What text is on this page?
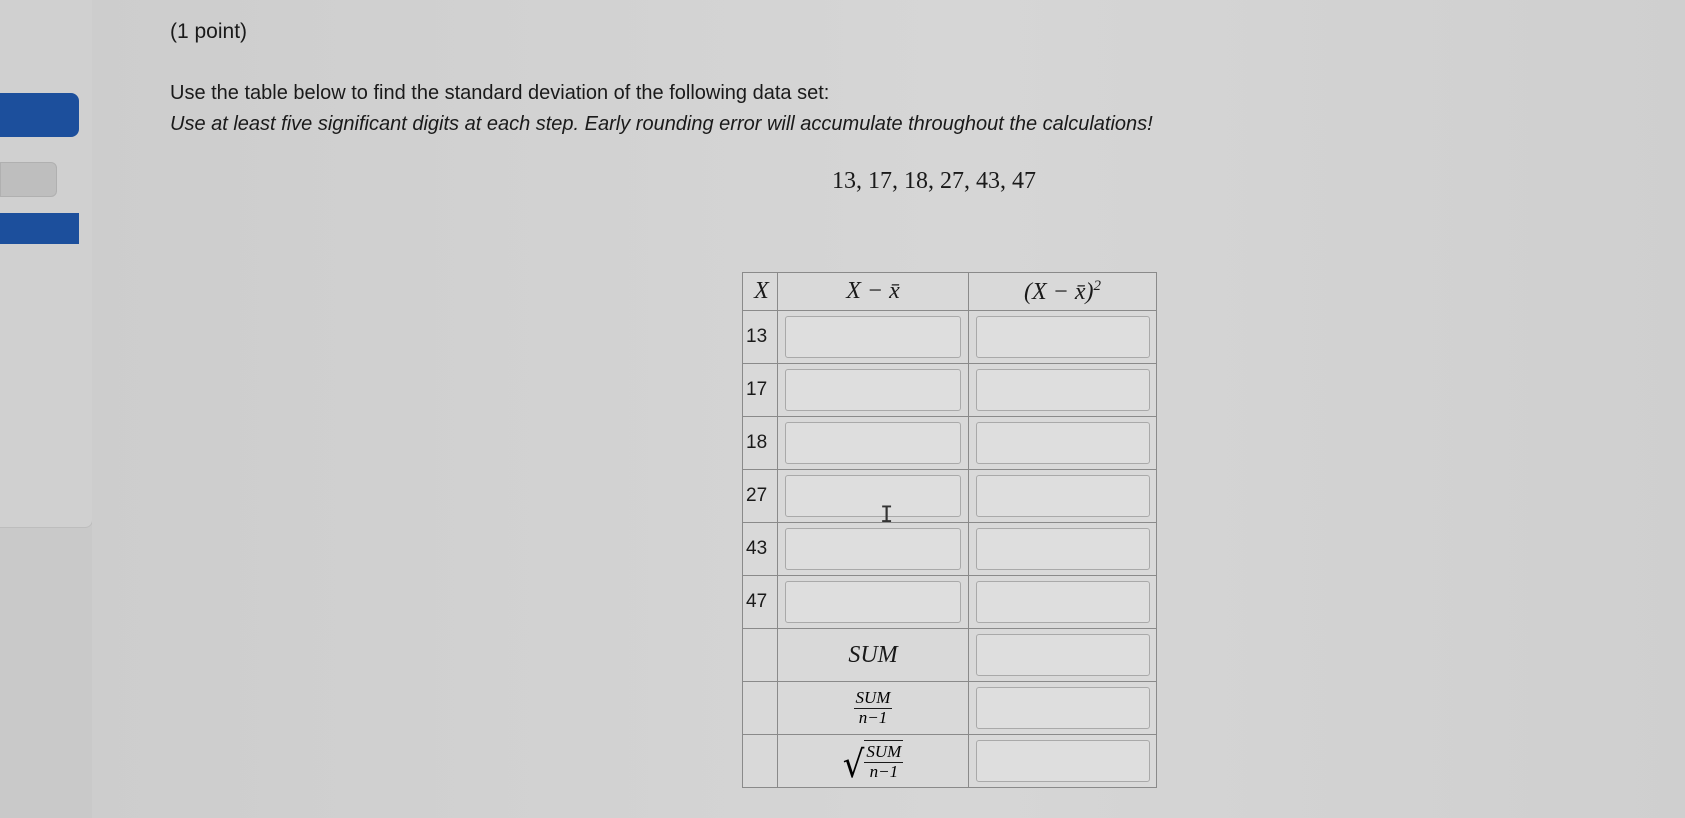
(1 point)
Use the table below to find the standard deviation of the following data set:
Use at least five significant digits at each step. Early rounding error will accumulate throughout the calculations!
13, 17, 18, 27, 43, 47
X	X − x̄	(X − x̄)$^2$
13	

17	

18	

27	

43	

47	

	SUM	

	$\frac{\text{SUM}}{n-1}$

	√ $\frac{\text{SUM}}{n-1}$

I
